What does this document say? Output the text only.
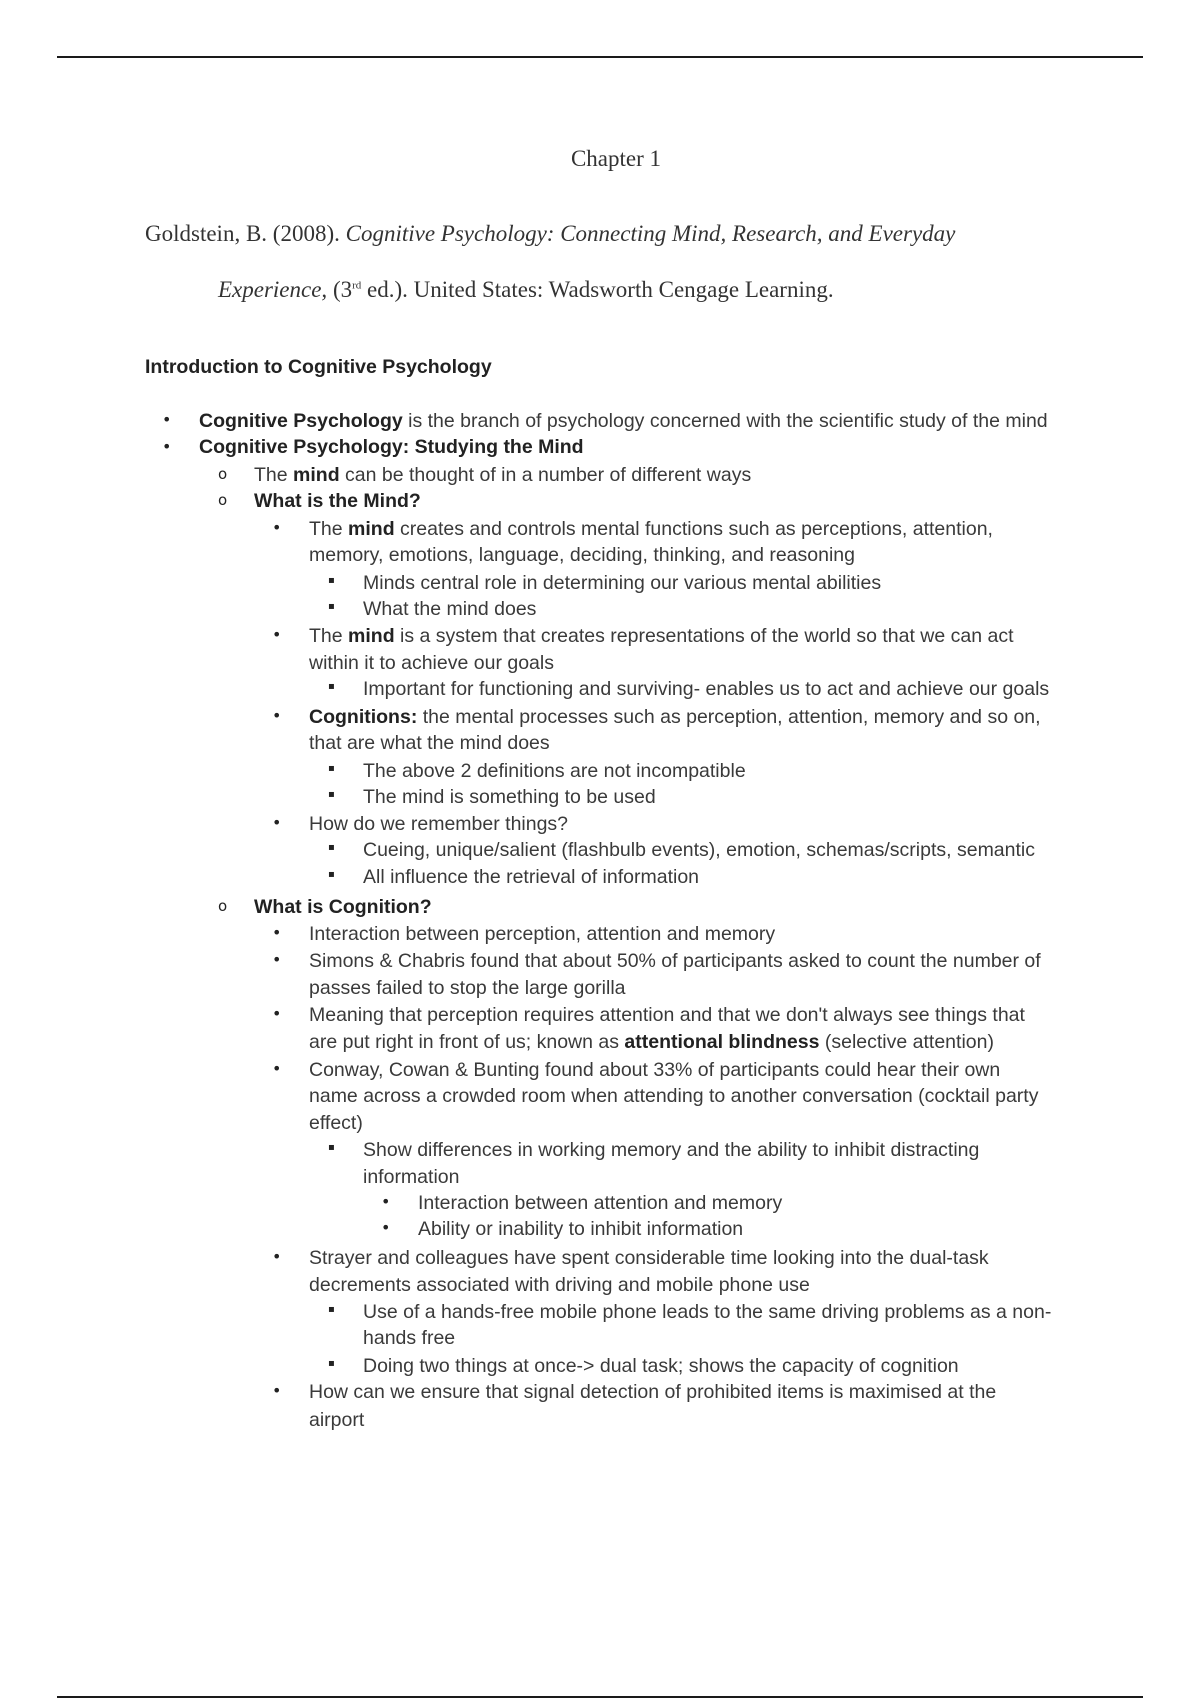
Chapter 1
Goldstein, B. (2008). Cognitive Psychology: Connecting Mind, Research, and Everyday
Experience, (3rd ed.). United States: Wadsworth Cengage Learning.
Introduction to Cognitive Psychology
• Cognitive Psychology is the branch of psychology concerned with the scientific study of the mind
• Cognitive Psychology: Studying the Mind
o The mind can be thought of in a number of different ways
o What is the Mind?
• The mind creates and controls mental functions such as perceptions, attention,
memory, emotions, language, deciding, thinking, and reasoning
▪ Minds central role in determining our various mental abilities
▪ What the mind does
• The mind is a system that creates representations of the world so that we can act
within it to achieve our goals
▪ Important for functioning and surviving- enables us to act and achieve our goals
• Cognitions: the mental processes such as perception, attention, memory and so on,
that are what the mind does
▪ The above 2 definitions are not incompatible
▪ The mind is something to be used
• How do we remember things?
▪ Cueing, unique/salient (flashbulb events), emotion, schemas/scripts, semantic
▪ All influence the retrieval of information
o What is Cognition?
• Interaction between perception, attention and memory
• Simons & Chabris found that about 50% of participants asked to count the number of
passes failed to stop the large gorilla
• Meaning that perception requires attention and that we don't always see things that
are put right in front of us; known as attentional blindness (selective attention)
• Conway, Cowan & Bunting found about 33% of participants could hear their own
name across a crowded room when attending to another conversation (cocktail party
effect)
▪ Show differences in working memory and the ability to inhibit distracting
information
• Interaction between attention and memory
• Ability or inability to inhibit information
• Strayer and colleagues have spent considerable time looking into the dual-task
decrements associated with driving and mobile phone use
▪ Use of a hands-free mobile phone leads to the same driving problems as a non-
hands free
▪ Doing two things at once-> dual task; shows the capacity of cognition
• How can we ensure that signal detection of prohibited items is maximised at the
airport
